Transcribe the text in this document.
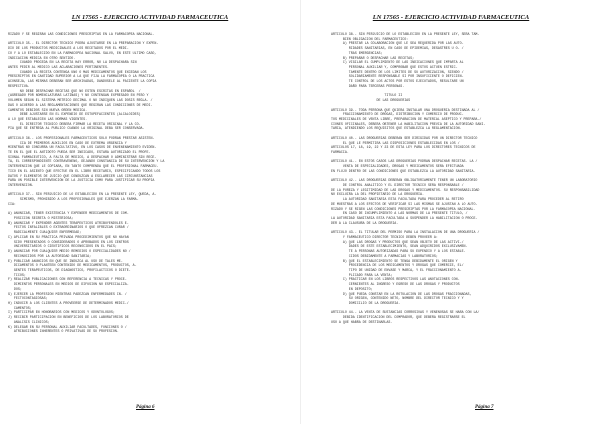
LN 17565 - EJERCICIO ACTIVIDAD FARMACEUTICA
RIZADO Y SE REGIRÁN LAS CONDICIONES PRESCRIPTAS EN LA FARMACOPEA NACIONAL.
ARTICULO 35.- EL DIRECTOR TECNICO PODRA AJUSTARSE EN LA PREPARACION Y EXPEN-
DIO DE LOS PRODUCTOS MEDICINALES A LOS RECETADOS POR EL MEDI-
CO Y A LO ESTABLECIDO EN LA FARMACOPEA NACIONAL SALVO, EN ESTE ULTIMO CASO,
INDICACION MEDICA EN OTRO SENTIDO.
CUANDO PROCEDA EN LA RECETA HAY ERROR, NO LA DESPACHARA SIN
ANTES PEDIR AL MEDICO LAS ACLARACIONES PERTINENTES.
CUANDO LA RECETA CONTENGA UNO O MAS MEDICAMENTOS QUE EXCEDAN LOS
PRESCRIPTOS EN CANTIDAD SUPERIOR A LA QUE FIJA LA FARMACOPEA O LA PRACTICA
ACONSEJA, LAS MISMAS DEBERAN SER ARCHIVADAS, DANDOSELE AL PACIENTE LA COPIA
RESPECTIVA.
NO DEBE DESPACHAR RECETAS QUE NO ESTEN ESCRITAS EN ESPAÑOL  /
(AGREGADO POR NOMENCLATURAS LATINAS) Y NO CONTENGAN EXPRESADO EN PESO Y
VOLUMEN SEGUN EL SISTEMA METRICO DECIMAL O NO INDIQUEN LAS DOSIS REGLA- /
DAS O ACUERDO A LAS REGLAMENTACIONES QUE REGIRAN LAS CONDICIONES DE MEDI-
CAMENTOS DEBIDOS SIN NUEVA ORDEN MEDICA.
DEBE AJUSTARSE EN EL EXPENDIO DE ESTUPEFACIENTES (ALCALOIDES)
A LO QUE ESTABLECEN LAS NORMAS VIGENTES.
EL DIRECTOR TECNICO DEBERA FIRMAR LA RECETA ORIGINAL Y LA CO-
PIA QUE SE ENTREGA AL PUBLICO CUANDO LA ORIGINAL DEBA SER CONSERVADA.
ARTICULO 36.- LOS PROFESIONALES FARMACEUTICOS SOLO PODRAN PRESTAR ASISTEN-
CIA DE PRIMEROS AUXILIOS EN CASO DE EXTREMA URGENCIA Y
MIENTRAS NO CONCURRA UN FACULTATIVO, EN LOS CASOS DE ENVENENAMIENTO EVIDEN-
TE EN EL QUE EL ANTIDOTO PUEDA SER INDICADO, ESTARA AUTORIZADO EL PROFE-
SIONAL FARMACEUTICO, A FALTA DE MEDICO, A DESPACHAR O ADMINISTRAR SIN RECE-
TA, EL CORRESPONDIENTE CONTRAVENENO, DEJANDO CONSTANCIA DE SU INTERVENCION Y LA
INTERVENCION QUE LE COPIARA, EN TANTO COMPRENDA QUE EL PROFESIONAL FARMACEU-
TICO EN EL ASIENTO QUE EFECTUE EN EL LIBRO RECETARIO, ESPECIFICANDO TODOS LOS
DATOS Y ELEMENTOS DE JUICIO QUE CONDUZCAN A ESCLARECER LAS CIRCUNSTANCIAS
PARA UN POSIBLE INTERVENCION DE LA JUSTICIA COMO PARA JUSTIFICAR SU PROPIA
INTERVENCION.
ARTICULO 37.- SIN PERJUICIO DE LO ESTABLECIDO EN LA PRESENTE LEY, QUEDA, A-
SIMISMO, PROHIBIDO A LOS PROFESIONALES QUE EJERZAN LA FARMA-
CIA:
A) ANUNCIAR, TENER EXISTENCIA Y EXPENDER MEDICAMENTOS DE COM-
POSICION SECRETA O MISTERIOSA;
B) ANUNCIAR Y EXPENDER AGENTES TERAPEUTICOS ATRIBUYENDOLES E-
FECTOS INFALIBLES O EXTRAORDINARIOS O QUE OFREZCAN CURAR /
RADICALMENTE CUALQUIER ENFERMEDAD;
C) APLICAR EN SU PRACTICA PRIVADA PROCEDIMIENTOS QUE NO HAYAN
SIDO PRESENTADOS O CONSIDERADOS O APROBADOS EN LOS CENTROS
UNIVERSITARIOS O CIENTIFICOS RECONOCIDOS EN EL PAIS;
D) ANUNCIAR POR CUALQUIER MEDIO REMEDIOS O ESPECIALIDADES NO /
RECONOCIDOS POR LA AUTORIDAD SANITARIA;
E) PUBLICAR ANUNCIOS EN QUE SE INDUZCA AL USO DE TALES ME-
DICAMENTOS O PLANTEEN CONTENIDO DE MEDICAMENTOS, PRODUCTOS, A-
GENTES TERAPEUTICOS, DE DIAGNOSTICO, PROFILACTICOS O DIETE-
TICOS;
F) REALIZAR PUBLICACIONES CON REFERENCIA A TECNICAS Y PROCE-
DIMIENTOS PERSONALES EN MEDIOS DE DIFUSION NO ESPECIALIZA-
DOS;
G) EJERCER LA PROFESION MIENTRAS PADEZCAN ENFERMEDADES IN- /
FECTOCONTAGIOSAS;
H) INDUCIR A LOS CLIENTES A PROVEERSE DE DETERMINADOS MEDIC-/
CAMENTOS;
I) PARTICIPAR EN HONORARIOS CON MEDICOS Y ODONTOLOGOS;
J) RECIBIR PARTICIPACION EN BENEFICIOS DE LOS LABORATORIOS DE
ANALISIS CLINICOS;
K) DELEGAR EN SU PERSONAL AUXILIAR FACULTADES, FUNCIONES O /
ATRIBUCIONES INHERENTES O PRIVATIVAS DE SU PROFESION.
Página 6
LN 17565 - EJERCICIO ACTIVIDAD FARMACEUTICA
ARTICULO 38.- SIN PERJUICIO DE LO ESTABLECIDO EN LA PRESENTE LEY, SERA TAM-
BIEN OBLIGACION DEL FARMACEUTICO:
A) PRESTAR LA COLABORACION QUE LE SEA REQUERIDA POR LAS AUTO-
RIDADES SANITARIAS, EN CASO DE EPIDEMIAS, DESASTRES U O- /
TRAS EMERGENCIAS;
B) PREPARAR O DESPACHAR LAS RECETAS;
C) VIGILAR EL CUMPLIMIENTO DE LAS INDICACIONES QUE IMPARTA AL
PERSONAL AUXILIAR Y, COMPROBAR QUE ESTOS ACTUEN ESTRIC-
TAMENTE DENTRO DE LOS LIMITES DE SU AUTORIZACION, SIENDO /
SOLIDARIAMENTE RESPONSABLE SI POR INSUFICIENTE O DEFICIEN-
TE CONTROL DE LOS ACTOS POR ESTOS EJECUTADOS, RESULTARE UN
DAÑO PARA TERCERAS PERSONAS.
TITULO II
DE LAS DROGUERIAS
ARTICULO 39.- TODA PERSONA QUE QUIERA INSTALAR UNA DROGUERIA DESTINADA AL /
FRACCIONAMIENTO DE DROGAS, DISTRIBUCION Y COMERCIO DE PRODUC-
TOS MEDICINALES DE VENTA LIBRE, PREPARACION DE MATERIAL ASEPTICO Y PREPARA-/
CIONES OFICINALES, DEBERA OBTENER LA HABILITACION PREVIA DE LA AUTORIDAD SANI-
TARIA, ATENDIENDO LOS REQUISITOS QUE ESTABLEZCA LA REGLAMENTACION.
ARTICULO 40.- LAS DROGUERIAS DEBERAN SER DIRIGIDAS POR UN DIRECTOR TECNICO
EL QUE LE PERMITIRA LAS DISPOSICIONES ESTABLECIDAS EN LOS /
ARTICULOS 17, 18, 19, 22 Y 23 DE ESTA LEY PARA LOS DIRECTORES TECNICOS DE
FARMACIA.
ARTICULO 41.- EN ESTOS CASOS LAS DROGUERIAS PODRAN DESPACHAR RECETAS. LA /
VENTA DE ESPECIALIDADES, DROGAS Y MEDICAMENTOS SERA EFECTUADA
EN FLUJO DENTRO DE LAS CONDICIONES QUE ESTABLEZCA LA AUTORIDAD SANITARIA.
ARTICULO 42.- LAS DROGUERIAS DEBERAN OBLIGATORIAMENTE TENER UN LABORATORIO
DE CONTROL ANALITICO Y EL DIRECTOR TECNICO SERA RESPONSABLE /
DE LA PUREZA Y LEGITIMIDAD DE LAS DROGAS Y MEDICAMENTOS. SU RESPONSABILIDAD
NO EXCLUIRA LA DEL PROPIETARIO DE LA DROGUERIA.
LA AUTORIDAD SANITARIA ESTA FACULTADA PARA PROCEDER AL RETIRO
DE MUESTRAS A LOS EFECTOS DE VERIFICAR SI LAS MISMAS SE AJUSTAN A LO AUTO-
RIZADO Y SE RIGEN LAS CONDICIONES PRESCRIPTAS POR LA FARMACOPEA NACIONAL.
EN CASO DE INCUMPLIMIENTO A LAS NORMAS DE LA PRESENTE TITULO, /
LA AUTORIDAD SANITARIA ESTA FACULTADA A SUSPENDER LA HABILITACION O PROCE-
DER A LA CLAUSURA DE LA DROGUERIA.
ARTICULO 43.- EL TITULAR DEL PERMISO PARA LA INSTALACION DE UNA DROGUERIA /
Y FARMACEUTICO DIRECTOR TECNICO DEBEN PROVEER A:
A) QUE LAS DROGAS Y PRODUCTOS QUE SEAN OBJETO DE LAS ACTIVI-/
DADES DE ESTE ESTABLECIMIENTO, SEAN ADQUIRIDOS EXCLUSIVAMEN-
TE A PERSONAS AUTORIZADAS PARA SU EXPENDIO Y A LOS ESTABLE-
CIDOS DEBIDAMENTE A FARMACIAS Y LABORATORIOS;
B) QUE EL ESTABLECIMIENTO SE TENGA DEBIDAMENTE EL ORIGEN Y
PROCEDENCIA DE LOS MEDICAMENTOS Y DROGAS QUE COMERCIE, EL/
TIPO DE UNIDAD DE ENVASE Y MARCA, Y EL FRACCIONAMIENTO A-
PLICADO PARA LA VENTA;
C) PRACTICAR EN LOS LIBROS RESPECTIVOS LAS ANOTACIONES CON-
CERNIENTES AL INGRESO Y EGRESO DE LAS DROGAS Y PRODUCTOS
EN DEPOSITO;
D) QUE PUEDA CONSTAR EN LA ROTULACION DE LAS DROGAS FRACCIONADAS,
SU ORIGEN, CONTENIDO NETO, NOMBRE DEL DIRECTOR TECNICO Y Y
DOMICILIO DE LA DROGUERIA.
ARTICULO 44.- LA VENTA DE SUSTANCIAS CORROSIVAS Y VENENOSAS SE HARA CON LA/
DEBIDA IDENTIFICACION DEL COMPRADOR, QUE DEBERA REGISTRARSE EL
USO A QUE HABRA DE DESTINARLAS.
Página 7
